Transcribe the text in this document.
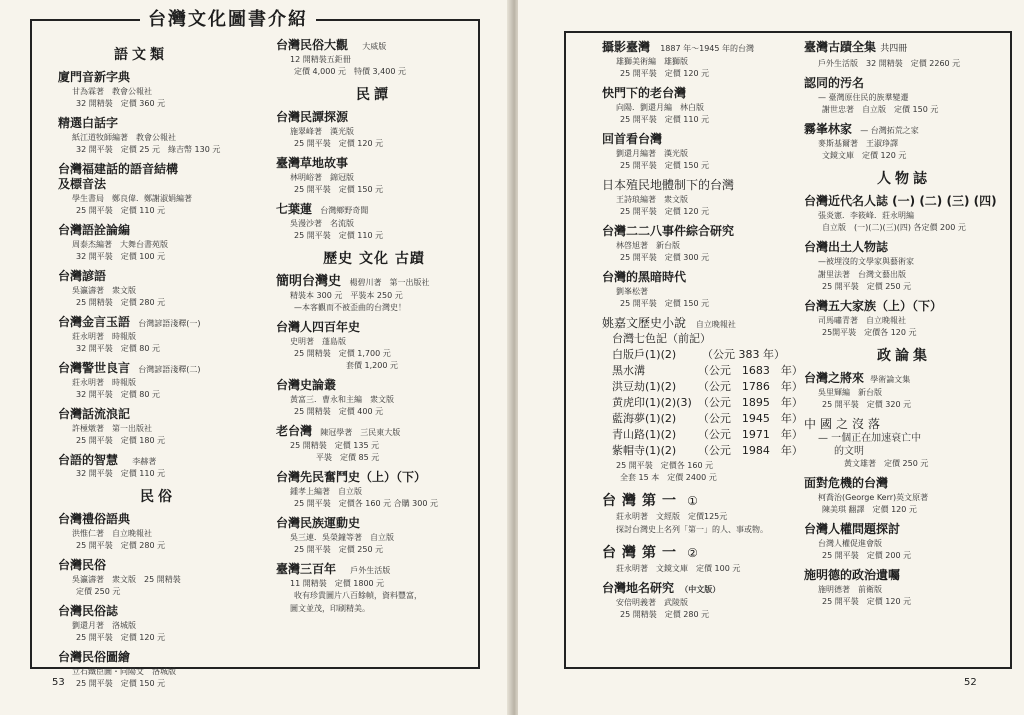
台灣文化圖書介紹
語文類
廈門音新字典
甘為霖著　教會公報社
32 開精裝　定價 360 元
精選白話字
紙江道牧師編著　教會公報社
32 開平裝　定價 25 元　綠吉幣 130 元
台灣福建話的語音結構
及標音法
學生書局　鄭良偉．鄭謝淑娟編著
25 開平裝　定價 110 元
台灣語詮論編
周泰杰編著　大舞台書苑版
32 開平裝　定價 100 元
台灣諺語
吳瀛濤著　衆文版
25 開精裝　定價 280 元
台灣金言玉語 台灣諺語淺釋(一)
莊永明著　時報版
32 開平裝　定價 80 元
台灣警世良言 台灣諺語淺釋(二)
莊永明著　時報版
32 開平裝　定價 80 元
台灣話流浪記
許極燉著　第一出版社
25 開平裝　定價 180 元
台語的智慧 李赫著
32 開平裝　定價 110 元
民俗
台灣禮俗語典
洪惟仁著　自立晚報社
25 開平裝　定價 280 元
台灣民俗
吳瀛濤著　衆文版　25 開精裝
定價 250 元
台灣民俗誌
劉還月著　洛城版
25 開平裝　定價 120 元
台灣民俗圖繪
立石鐵臣圖・向陽文　洛城版
25 開平裝　定價 150 元
台灣民俗大觀 大威版
12 開精裝五鉅冊
定價 4,000 元　特價 3,400 元
民譚
台灣民譚探源
施翠峰著　漢光版
25 開平裝　定價 120 元
臺灣草地故事
林明峪著　錦冠版
25 開平裝　定價 150 元
七葉蓮 台灣鄉野奇聞
吳漫沙著　名流版
25 開平裝　定價 110 元
歷史 文化 古蹟
簡明台灣史 楊碧川著　第一出版社
精裝本 300 元　平裝本 250 元
—本客觀而不被歪曲的台灣史！
台灣人四百年史
史明著　蓬島版
25 開精裝　定價 1,700 元
套價 1,200 元
台灣史論叢
黃富三．曹永和主編　衆文版
25 開精裝　定價 400 元
老台灣 陳冠學著　三民東大版
25 開精裝　定價 135 元
平裝　定價 85 元
台灣先民奮鬥史（上）（下）
鍾孝上編著　自立版
25 開平裝　定價各 160 元 合購 300 元
台灣民族運動史
吳三連．吳榮鐘等著　自立版
25 開平裝　定價 250 元
臺灣三百年 戶外生活版
11 開精裝　定價 1800 元
收有珍貴圖片八百餘幀，資料豐富，
圖文並茂，印刷精美。
53
攝影臺灣 1887 年～1945 年的台灣
雄獅美術編　雄獅版
25 開平裝　定價 120 元
快門下的老台灣
向陽．劉還月編　林白版
25 開平裝　定價 110 元
回首看台灣
劉還月編著　漢光版
25 開平裝　定價 150 元
日本殖民地體制下的台灣
王詩琅編著　衆文版
25 開平裝　定價 120 元
台灣二二八事件綜合研究
林啓旭著　新台版
25 開平裝　定價 300 元
台灣的黑暗時代
劉峯松著
25 開平裝　定價 150 元
姚嘉文歷史小說 自立晚報社
台灣七色記（前記）
白版戶(1)(2)	（公元 383 年）
黑水溝	（公元　1683　年）
洪豆劫(1)(2)	（公元　1786　年）
黄虎印(1)(2)(3) （公元　1895　年）
藍海夢(1)(2)	（公元　1945　年）
青山路(1)(2)	（公元　1971　年）
紫帽寺(1)(2)	（公元　1984　年）
25 開平裝　定價各 160 元
全套 15 本　定價 2400 元
台灣第一 ①
莊永明著　文經版　定價125元
探討台灣史上名列「第一」的人、事或物。
台灣第一 ②
莊永明著　文鏡文庫　定價 100 元
台灣地名研究 （中文版）
安倍明義著　武陵版
25 開精裝　定價 280 元
臺灣古蹟全集 共四冊
戶外生活版　32 開精裝　定價 2260 元
認同的汚名
— 臺灣原住民的族羣變遷
謝世忠著　自立版　定價 150 元
霧峯林家 — 台灣拓荒之家
麥斯基爾著　王淑琤譯
文鏡文庫　定價 120 元
人物誌
台灣近代名人誌 (一) (二) (三) (四)
張炎憲．李筱峰．莊永明編
自立版　(一)(二)(三)(四) 各定價 200 元
台灣出土人物誌
—被埋沒的文學家與藝術家
謝里法著　台灣文藝出版
25 開平裝　定價 250 元
台灣五大家族（上）（下）
司馬嘯青著　自立晚報社
25開平裝　定價各 120 元
政論集
台灣之將來 學術論文集
吳里輝編　新台版
25 開平裝　定價 320 元
中國之沒落
— 一個正在加速衰亡中
的文明
黃文雄著　定價 250 元
面對危機的台灣
柯喬治(George Kerr)英文原著
陳美琪 翻譯　定價 120 元
台灣人權問題探討
台灣人權促進會版
25 開平裝　定價 200 元
施明德的政治遺囑
施明德著　前衛版
25 開平裝　定價 120 元
52
